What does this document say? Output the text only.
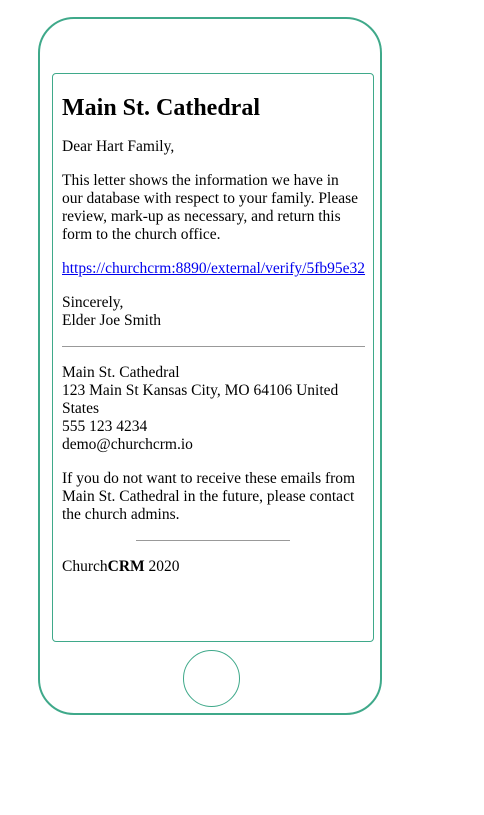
Main St. Cathedral

Dear Hart Family,

This letter shows the information we have in our database with respect to your family. Please review, mark-up as necessary, and return this form to the church office.

https://churchcrm:8890/external/verify/5fb95e32

Sincerely,
Elder Joe Smith

Main St. Cathedral
123 Main St Kansas City, MO 64106 United States
555 123 4234
demo@churchcrm.io

If you do not want to receive these emails from Main St. Cathedral in the future, please contact the church admins.

ChurchCRM 2020
